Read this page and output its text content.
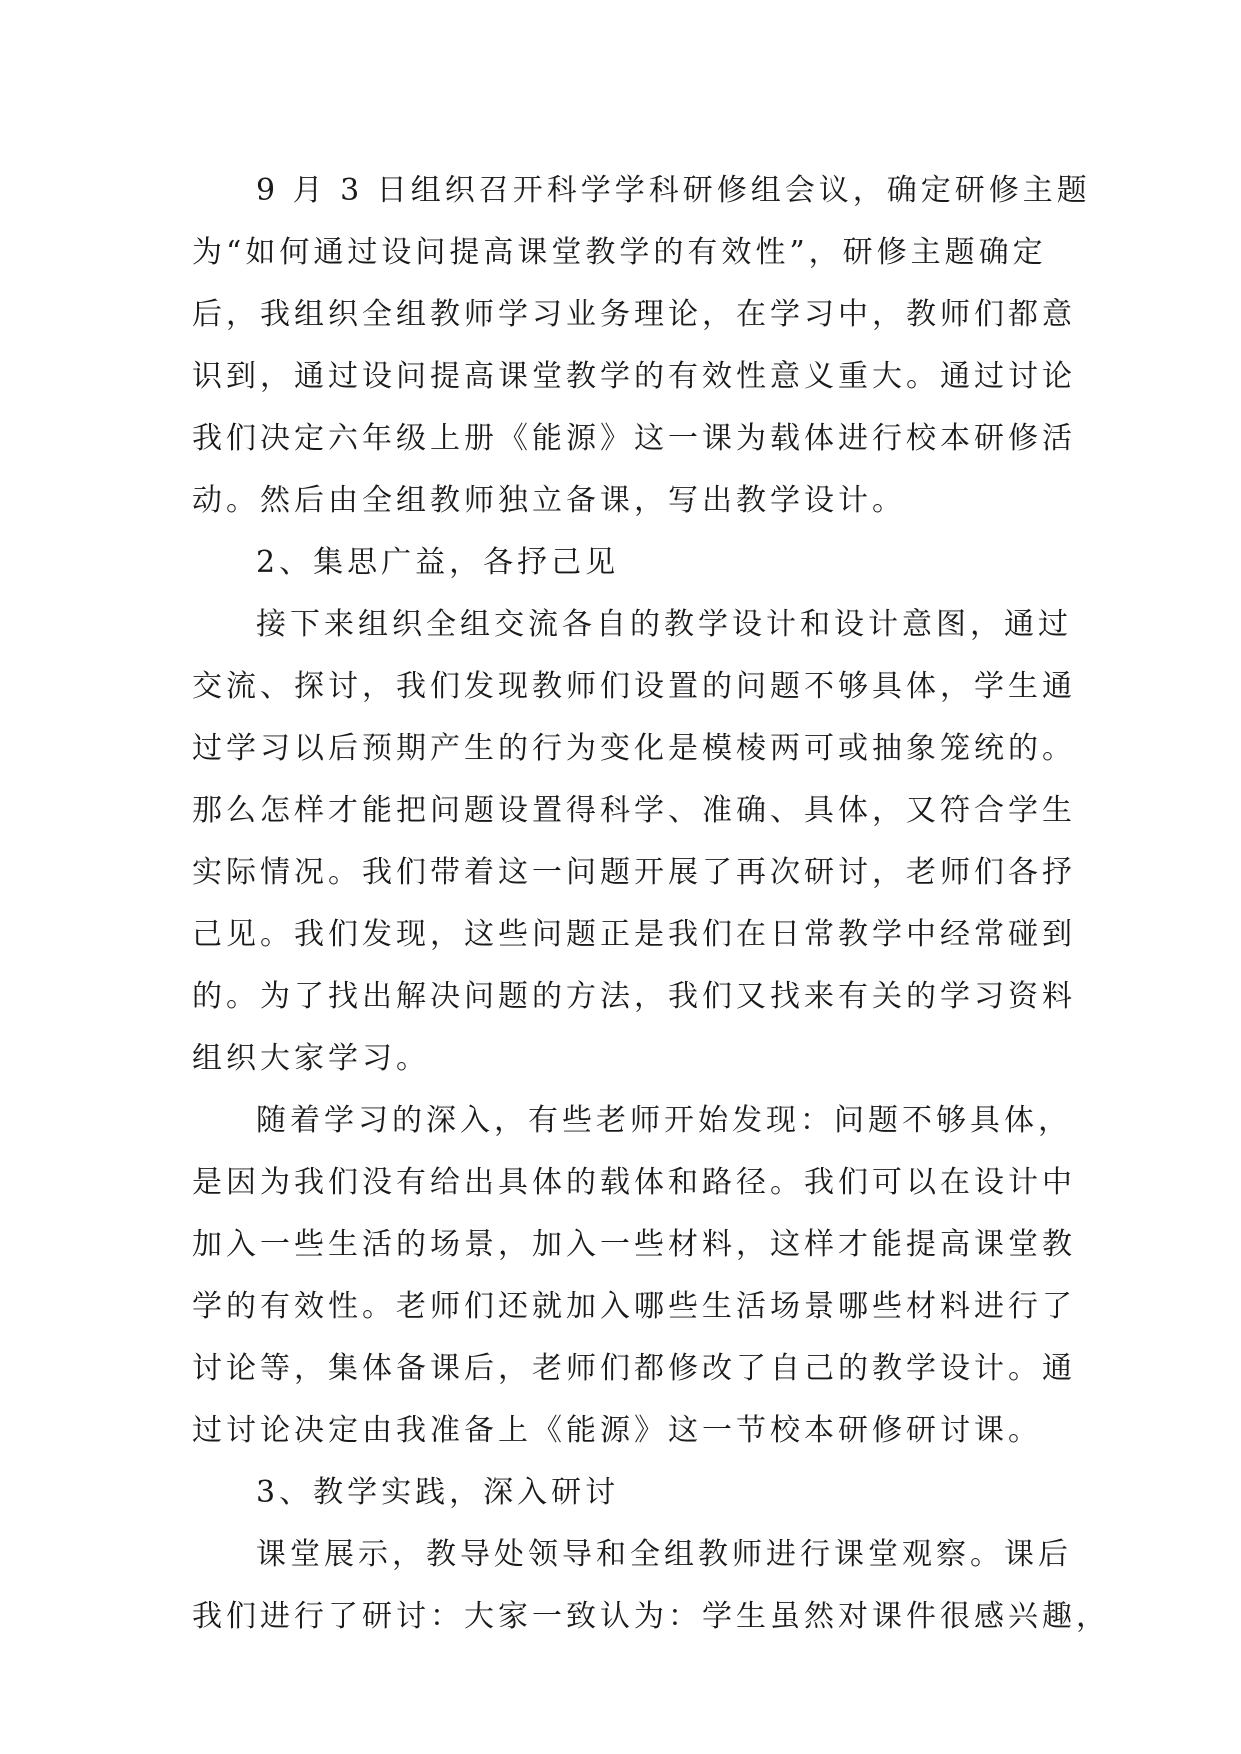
9 月 3 日组织召开科学学科研修组会议，确定研修主题
为“如何通过设问提高课堂教学的有效性”，研修主题确定
后，我组织全组教师学习业务理论，在学习中，教师们都意
识到，通过设问提高课堂教学的有效性意义重大。通过讨论
我们决定六年级上册《能源》这一课为载体进行校本研修活
动。然后由全组教师独立备课，写出教学设计。
2、集思广益，各抒己见
接下来组织全组交流各自的教学设计和设计意图，通过
交流、探讨，我们发现教师们设置的问题不够具体，学生通
过学习以后预期产生的行为变化是模棱两可或抽象笼统的。
那么怎样才能把问题设置得科学、准确、具体，又符合学生
实际情况。我们带着这一问题开展了再次研讨，老师们各抒
己见。我们发现，这些问题正是我们在日常教学中经常碰到
的。为了找出解决问题的方法，我们又找来有关的学习资料
组织大家学习。
随着学习的深入，有些老师开始发现：问题不够具体，
是因为我们没有给出具体的载体和路径。我们可以在设计中
加入一些生活的场景，加入一些材料，这样才能提高课堂教
学的有效性。老师们还就加入哪些生活场景哪些材料进行了
讨论等，集体备课后，老师们都修改了自己的教学设计。通
过讨论决定由我准备上《能源》这一节校本研修研讨课。
3、教学实践，深入研讨
课堂展示，教导处领导和全组教师进行课堂观察。课后
我们进行了研讨：大家一致认为：学生虽然对课件很感兴趣，
